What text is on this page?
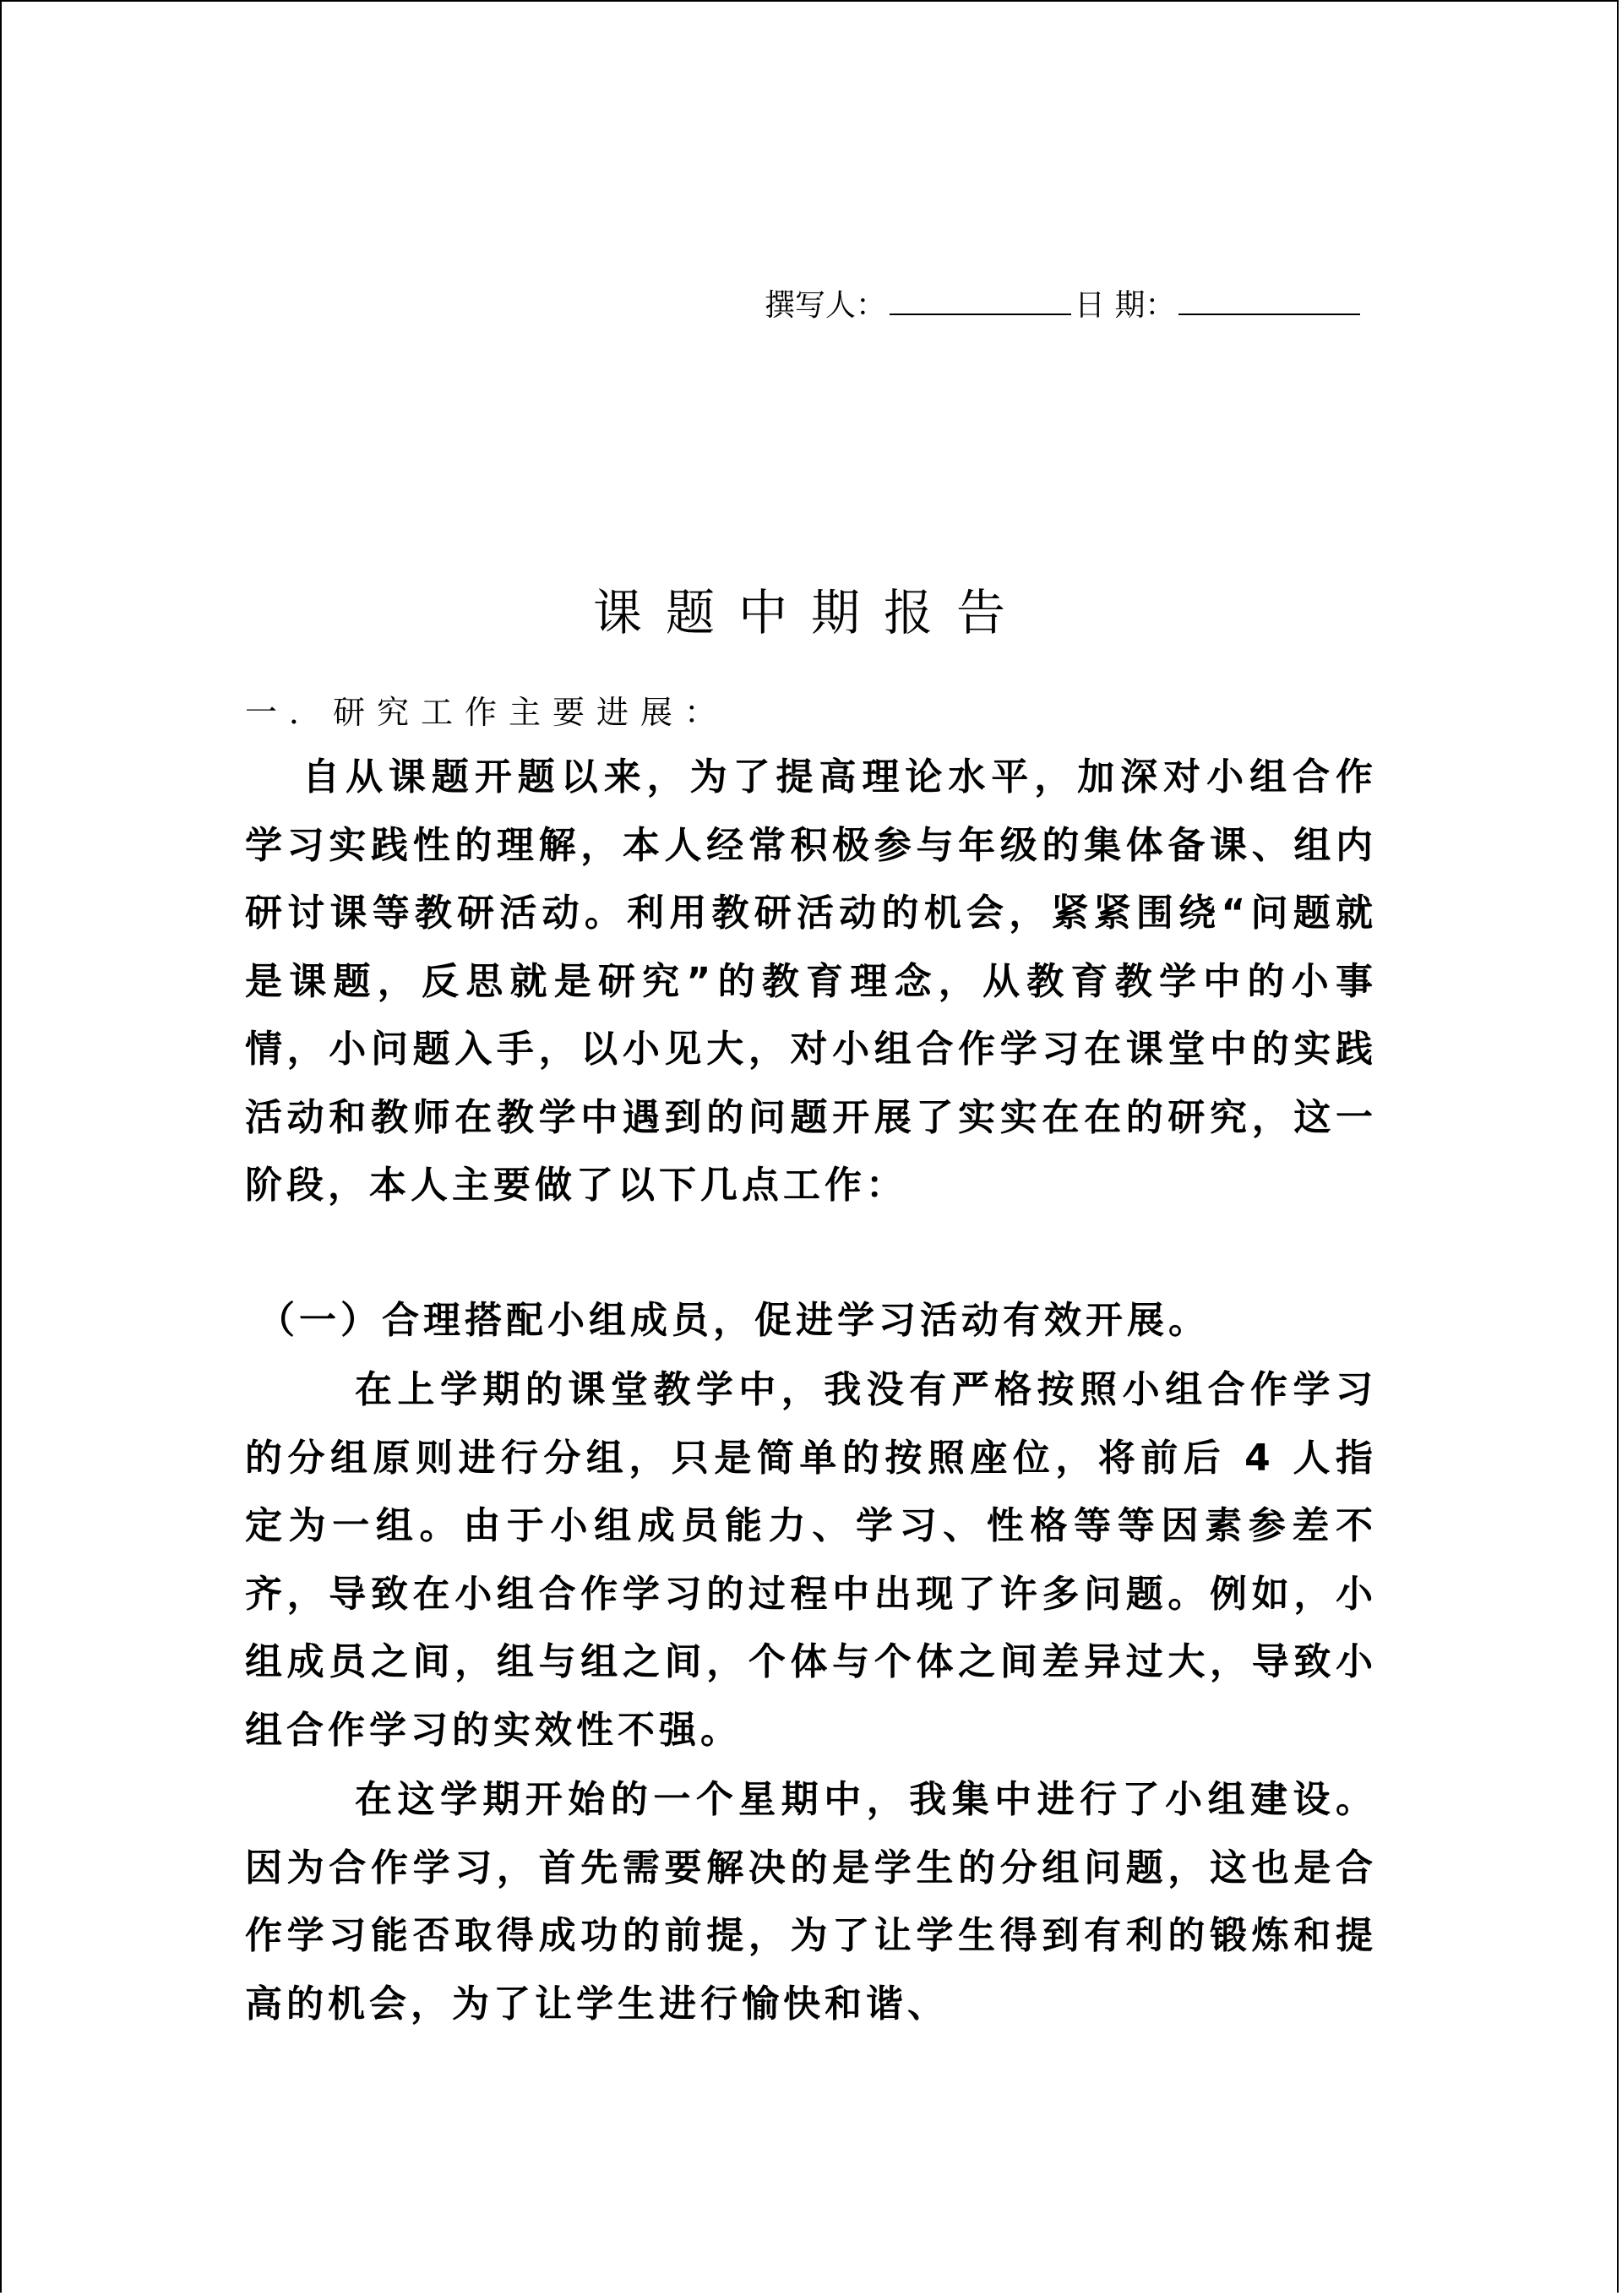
撰写人：	日 期：
课题中期报告
一．研究工作主要进展：

自从课题开题以来，为了提高理论水平，加深对小组合作学习实践性的理解，本人经常积极参与年级的集体备课、组内研讨课等教研活动。利用教研活动的机会，紧紧围绕“问题就是课题，反思就是研究”的教育理念，从教育教学中的小事情，小问题入手，以小见大，对小组合作学习在课堂中的实践活动和教师在教学中遇到的问题开展了实实在在的研究，这一阶段，本人主要做了以下几点工作：

（一）合理搭配小组成员，促进学习活动有效开展。

在上学期的课堂教学中，我没有严格按照小组合作学习的分组原则进行分组，只是简单的按照座位，将前后 4 人指定为一组。由于小组成员能力、学习、性格等等因素参差不齐，导致在小组合作学习的过程中出现了许多问题。例如，小组成员之间，组与组之间，个体与个体之间差异过大，导致小组合作学习的实效性不强。

在这学期开始的一个星期中，我集中进行了小组建设。因为合作学习，首先需要解决的是学生的分组问题，这也是合作学习能否取得成功的前提，为了让学生得到有利的锻炼和提高的机会，为了让学生进行愉快和谐、
